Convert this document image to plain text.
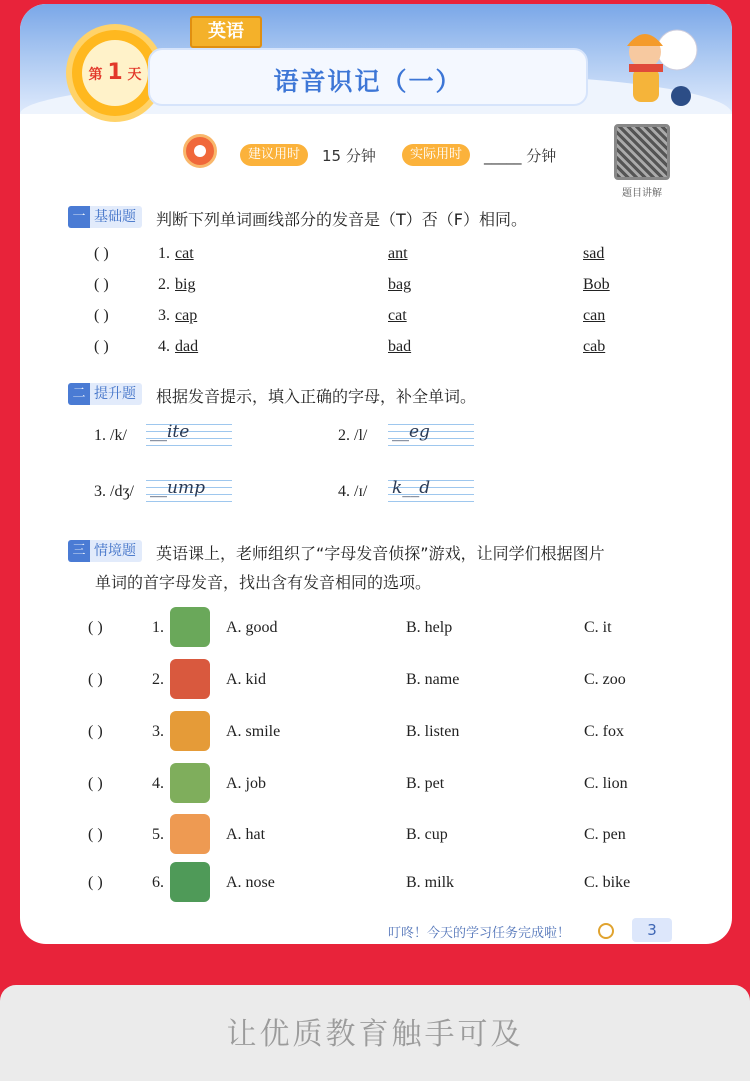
英语
第 1 天	语音识记（一）
建议用时	15 分钟	实际用时	_____ 分钟
题目讲解
一 基础题	判断下列单词画线部分的发音是（T）否（F）相同。
( )	1. cat	ant	sad
( )	2. big	bag	Bob
( )	3. cap	cat	can
( )	4. dad	bad	cab
二 提升题	根据发音提示，填入正确的字母，补全单词。
1. /k/ __ite	2. /l/ __eg
3. /dʒ/ __ump	4. /ɪ/ k__d
三 情境题	英语课上，老师组织了“字母发音侦探”游戏，让同学们根据图片
单词的首字母发音，找出含有发音相同的选项。
( )	1.	A. good	B. help	C. it
( )	2.	A. kid	B. name	C. zoo
( )	3.	A. smile	B. listen	C. fox
( )	4.	A. job	B. pet	C. lion
( )	5.	A. hat	B. cup	C. pen
( )	6.	A. nose	B. milk	C. bike
叮咚！今天的学习任务完成啦！	3
让优质教育触手可及
